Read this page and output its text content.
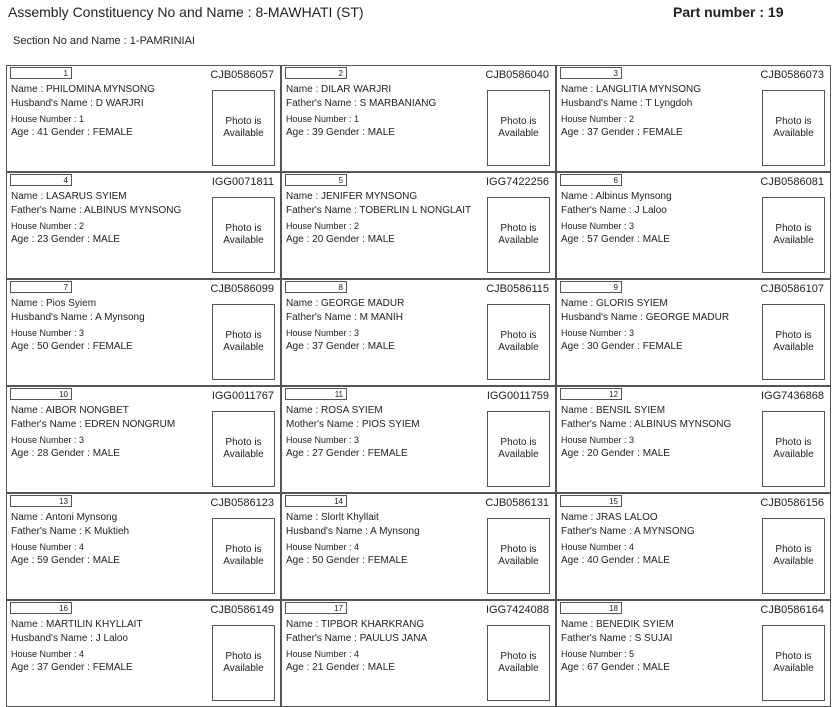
Assembly Constituency No and Name : 8-MAWHATI (ST)	Part number : 19
Section No and Name : 1-PAMRINIAI
1	CJB0586057
Name : PHILOMINA MYNSONG
Husband's Name : D WARJRI
House Number : 1
Age : 41 Gender : FEMALE
Photo is Available
2	CJB0586040
Name : DILAR WARJRI
Father's Name : S MARBANIANG
House Number : 1
Age : 39 Gender : MALE
Photo is Available
3	CJB0586073
Name : LANGLITIA MYNSONG
Husband's Name : T Lyngdoh
House Number : 2
Age : 37 Gender : FEMALE
Photo is Available
4	IGG0071811
Name : LASARUS SYIEM
Father's Name : ALBINUS MYNSONG
House Number : 2
Age : 23 Gender : MALE
Photo is Available
5	IGG7422256
Name : JENIFER MYNSONG
Father's Name : TOBERLIN L NONGLAIT
House Number : 2
Age : 20 Gender : MALE
Photo is Available
6	CJB0586081
Name : Albinus Mynsong
Father's Name : J Laloo
House Number : 3
Age : 57 Gender : MALE
Photo is Available
7	CJB0586099
Name : Pios Syiem
Husband's Name : A Mynsong
House Number : 3
Age : 50 Gender : FEMALE
Photo is Available
8	CJB0586115
Name : GEORGE MADUR
Father's Name : M MANIH
House Number : 3
Age : 37 Gender : MALE
Photo is Available
9	CJB0586107
Name : GLORIS SYIEM
Husband's Name : GEORGE MADUR
House Number : 3
Age : 30 Gender : FEMALE
Photo is Available
10	IGG0011767
Name : AIBOR NONGBET
Father's Name : EDREN NONGRUM
House Number : 3
Age : 28 Gender : MALE
Photo is Available
11	IGG0011759
Name : ROSA SYIEM
Mother's Name : PIOS SYIEM
House Number : 3
Age : 27 Gender : FEMALE
Photo is Available
12	IGG7436868
Name : BENSIL SYIEM
Father's Name : ALBINUS MYNSONG
House Number : 3
Age : 20 Gender : MALE
Photo is Available
13	CJB0586123
Name : Antoni Mynsong
Father's Name : K Muktieh
House Number : 4
Age : 59 Gender : MALE
Photo is Available
14	CJB0586131
Name : Slorlt Khyllait
Husband's Name : A Mynsong
House Number : 4
Age : 50 Gender : FEMALE
Photo is Available
15	CJB0586156
Name : JRAS LALOO
Father's Name : A MYNSONG
House Number : 4
Age : 40 Gender : MALE
Photo is Available
16	CJB0586149
Name : MARTILIN KHYLLAIT
Husband's Name : J Laloo
House Number : 4
Age : 37 Gender : FEMALE
Photo is Available
17	IGG7424088
Name : TIPBOR KHARKRANG
Father's Name : PAULUS JANA
House Number : 4
Age : 21 Gender : MALE
Photo is Available
18	CJB0586164
Name : BENEDIK SYIEM
Father's Name : S SUJAI
House Number : 5
Age : 67 Gender : MALE
Photo is Available
